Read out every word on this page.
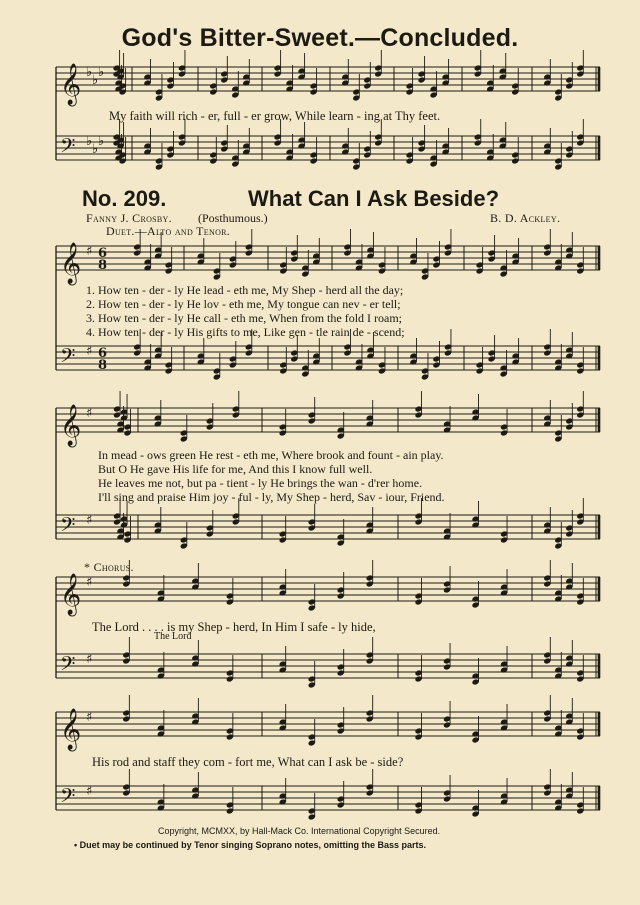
𝄞 ♭
♭
♭
𝄢 ♭
♭
♭
𝄞 ♯ 6
8
𝄢 ♯ 6
8
𝄞 ♯
𝄢 ♯
𝄞 ♯
𝄢 ♯
𝄞 ♯
𝄢 ♯
God's Bitter-Sweet.—Concluded.
My faith will rich - er, full - er grow, While learn - ing at Thy feet.
No. 209.	What Can I Ask Beside?
Fanny J. Crosby. (Posthumous.)	B. D. Ackley.
Duet.—Alto and Tenor.
1. How ten - der - ly He lead - eth me, My Shep - herd all the day;
2. How ten - der - ly He lov - eth me, My tongue can nev - er tell;
3. How ten - der - ly He call - eth me, When from the fold I roam;
4. How ten - der - ly His gifts to me, Like gen - tle rain de - scend;
In mead - ows green He rest - eth me, Where brook and fount - ain play.
But O He gave His life for me, And this I know full well.
He leaves me not, but pa - tient - ly He brings the wan - d'rer home.
I'll sing and praise Him joy - ful - ly, My Shep - herd, Sav - iour, Friend.
* Chorus.
The Lord . . . . is my Shep - herd, In Him I safe - ly hide,
The Lord
His rod and staff they com - fort me, What can I ask be - side?
Copyright, MCMXX, by Hall-Mack Co. International Copyright Secured.
• Duet may be continued by Tenor singing Soprano notes, omitting the Bass parts.
